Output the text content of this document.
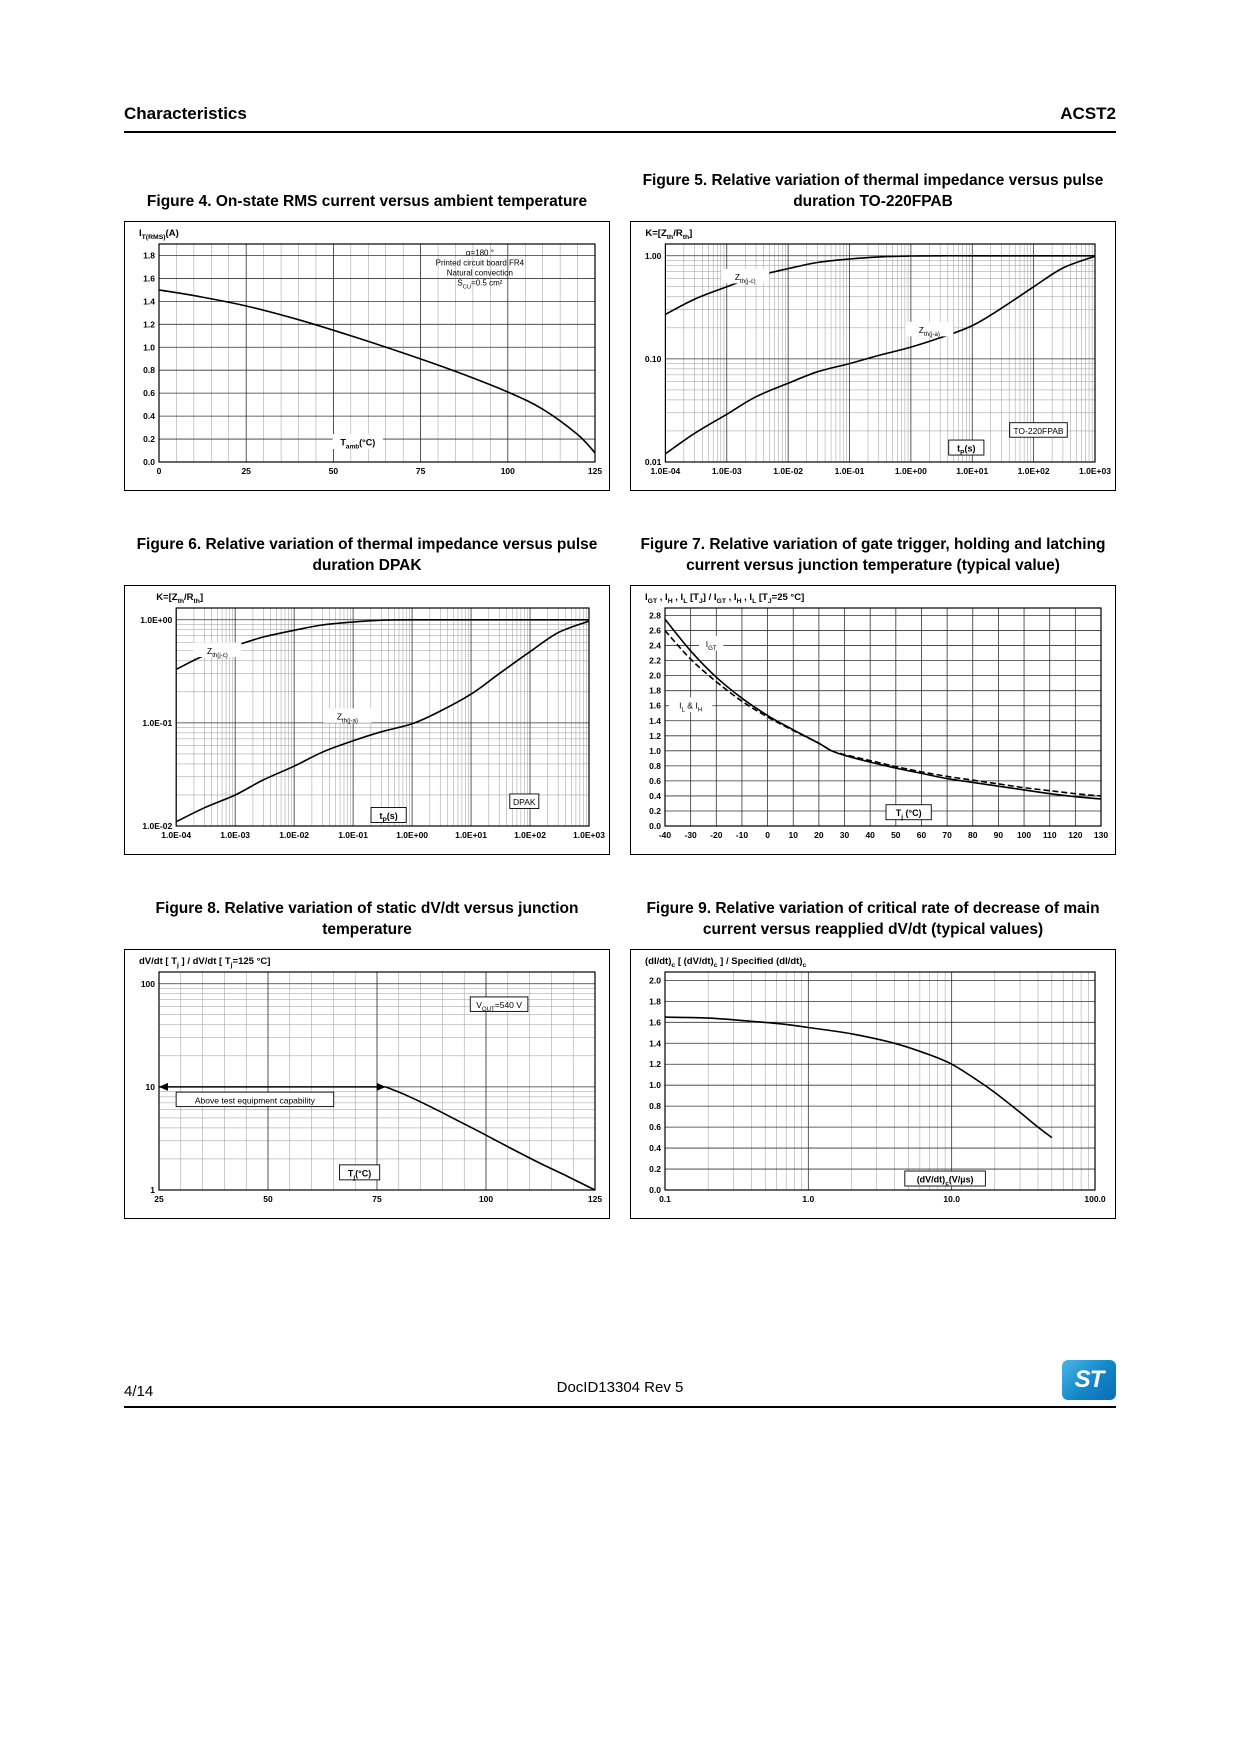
Characteristics	ACST2
Figure 4. On-state RMS current versus ambient temperature
0	25	50	75	100	125
0.0
0.2
0.4
0.6
0.8
1.0
1.2
1.4
1.6
1.8
$I_{T(RMS)}(A)$
α=180 °
Printed circuit board FR4
Natural convection
$S_{CU}=0.5$ cm²
$T_{amb}(^\circ C)$
Figure 5. Relative variation of thermal impedance versus pulse duration TO-220FPAB
1.0E-04	1.0E-03	1.0E-02	1.0E-01	1.0E+00	1.0E+01	1.0E+02	1.0E+03
0.01
0.10
1.00
$K=[Z_{th}/R_{th}]$
$Z_{th(j-c)}$
$Z_{th(j-a)}$
$t_P(s)$
TO-220FPAB
Figure 6. Relative variation of thermal impedance versus pulse duration DPAK
1.0E-04	1.0E-03	1.0E-02	1.0E-01	1.0E+00	1.0E+01	1.0E+02	1.0E+03
1.0E-02
1.0E-01
1.0E+00
$K=[Z_{th}/R_{th}]$
$Z_{th(j-c)}$
$Z_{th(j-a)}$
$t_P(s)$
DPAK
Figure 7. Relative variation of gate trigger, holding and latching current versus junction temperature (typical value)
-40 -30 -20 -10 0 10 20 30 40 50 60 70 80 90 100 110 120 130
0.0
0.2
0.4
0.6
0.8
1.0
1.2
1.4
1.6
1.8
2.0
2.2
2.4
2.6
2.8
$I_{GT}$ , $I_H$ , $I_L$ $[T_J] / I_{GT}$ , $I_H$ , $I_L$ [$T_J=25$ °C]
$I_{GT}$
$I_L$ & $I_H$
$T_j$ (°C)
Figure 8. Relative variation of static dV/dt versus junction temperature
25	50	75	100	125
1
10
100
dV/dt [ $T_j$ ] / dV/dt [ $T_j=125$ °C]
$V_{OUT}=540$ V
Above test equipment capability
$T_j(^\circ C)$
Figure 9. Relative variation of critical rate of decrease of main current versus reapplied dV/dt (typical values)
0.1	1.0	10.0	100.0
0.0
0.2
0.4
0.6
0.8
1.0
1.2
1.4
1.6
1.8
2.0
$(dI/dt)_c$ [ $(dV/dt)_c$ ] / Specified $(dI/dt)_c$
$(dV/dt)_c(V/\mu s)$
4/14	DocID13304 Rev 5	ST
